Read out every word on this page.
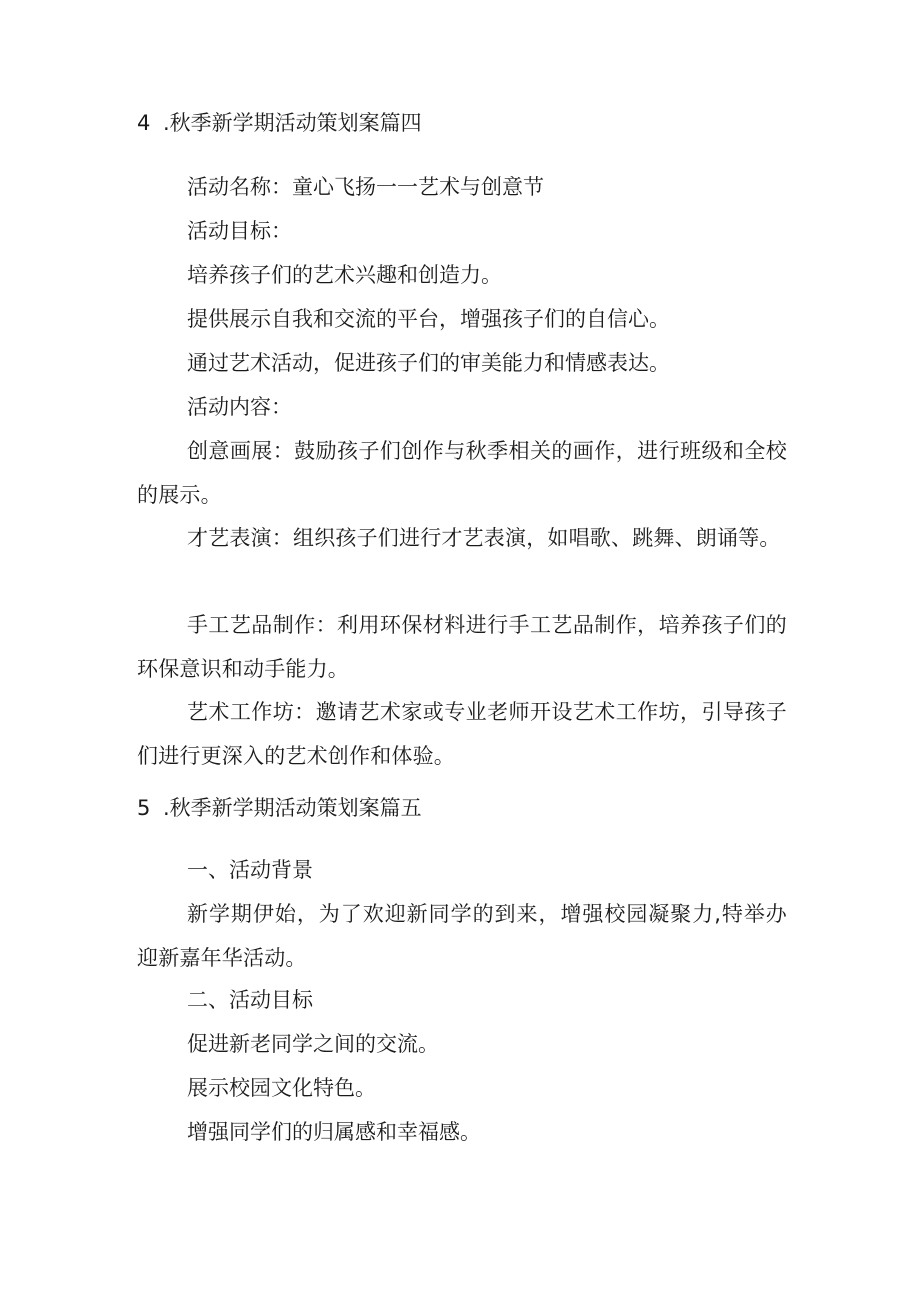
4 .秋季新学期活动策划案篇四

活动名称：童心飞扬一一艺术与创意节

活动目标：

培养孩子们的艺术兴趣和创造力。

提供展示自我和交流的平台，增强孩子们的自信心。

通过艺术活动，促进孩子们的审美能力和情感表达。

活动内容：

创意画展：鼓励孩子们创作与秋季相关的画作，进行班级和全校的展示。

才艺表演：组织孩子们进行才艺表演，如唱歌、跳舞、朗诵等。

手工艺品制作：利用环保材料进行手工艺品制作，培养孩子们的环保意识和动手能力。

艺术工作坊：邀请艺术家或专业老师开设艺术工作坊，引导孩子们进行更深入的艺术创作和体验。

5 .秋季新学期活动策划案篇五

一、活动背景

新学期伊始，为了欢迎新同学的到来，增强校园凝聚力,特举办迎新嘉年华活动。

二、活动目标

促进新老同学之间的交流。

展示校园文化特色。

增强同学们的归属感和幸福感。
